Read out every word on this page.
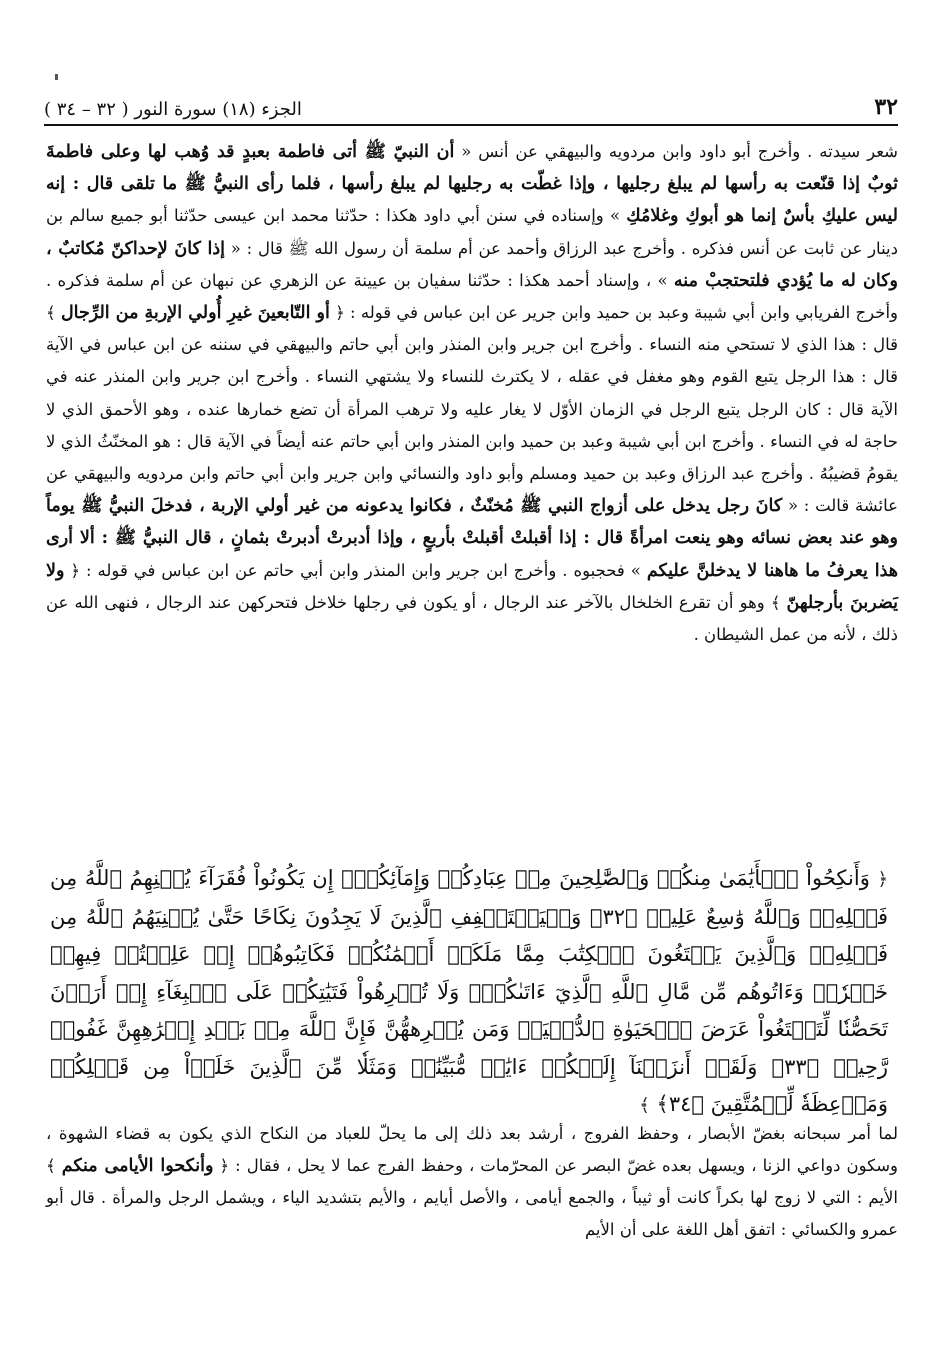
٣٢
الجزء (١٨) سورة النور ( ٣٢ – ٣٤ )
شعر سيدته . وأخرج أبو داود وابن مردويه والبيهقي عن أنس « أن النبيّ ﷺ أتى فاطمة بعبدٍ قد وُهب لها وعلى فاطمةَ ثوبٌ إذا قنّعت به رأسها لم يبلغ رجليها ، وإذا غطّت به رجليها لم يبلغ رأسها ، فلما رأى النبيُّ ﷺ ما تلقى قال : إنه ليس عليكِ بأسٌ إنما هو أبوكِ وغلامُكِ » وإسناده في سنن أبي داود هكذا : حدّثنا محمد ابن عيسى حدّثنا أبو جميع سالم بن دينار عن ثابت عن أنس فذكره . وأخرج عبد الرزاق وأحمد عن أم سلمة أن رسول الله ﷺ قال : « إذا كانَ لإحداكنّ مُكاتبٌ ، وكان له ما يُؤدي فلتحتجبْ منه » ، وإسناد أحمد هكذا : حدّثنا سفيان بن عيينة عن الزهري عن نبهان عن أم سلمة فذكره . وأخرج الفريابي وابن أبي شيبة وعبد بن حميد وابن جرير عن ابن عباس في قوله : ﴿ أو التّابعينَ غيرِ أُولي الإربةِ من الرِّجال ﴾ قال : هذا الذي لا تستحي منه النساء . وأخرج ابن جرير وابن المنذر وابن أبي حاتم والبيهقي في سننه عن ابن عباس في الآية قال : هذا الرجل يتبع القوم وهو مغفل في عقله ، لا يكترث للنساء ولا يشتهي النساء . وأخرج ابن جرير وابن المنذر عنه في الآية قال : كان الرجل يتبع الرجل في الزمان الأوّل لا يغار عليه ولا ترهب المرأة أن تضع خمارها عنده ، وهو الأحمق الذي لا حاجة له في النساء . وأخرج ابن أبي شيبة وعبد بن حميد وابن المنذر وابن أبي حاتم عنه أيضاً في الآية قال : هو المخنّثُ الذي لا يقومُ قضيبُهُ . وأخرج عبد الرزاق وعبد بن حميد ومسلم وأبو داود والنسائي وابن جرير وابن أبي حاتم وابن مردويه والبيهقي عن عائشة قالت : « كانَ رجل يدخل على أزواج النبي ﷺ مُخنّثٌ ، فكانوا يدعونه من غير أولي الإربة ، فدخلَ النبيُّ ﷺ يوماً وهو عند بعض نسائه وهو ينعت امرأةً قال : إذا أقبلتْ أقبلتْ بأربعٍ ، وإذا أدبرتْ أدبرتْ بثمانٍ ، قال النبيُّ ﷺ : ألا أرى هذا يعرفُ ما هاهنا لا يدخلنَّ عليكم » فحجبوه . وأخرج ابن جرير وابن المنذر وابن أبي حاتم عن ابن عباس في قوله : ﴿ ولا يَضربنَ بأرجلهنّ ﴾ وهو أن تقرع الخلخال بالآخر عند الرجال ، أو يكون في رجلها خلاخل فتحركهن عند الرجال ، فنهى الله عن ذلك ، لأنه من عمل الشيطان .
﴿ وَأَنكِحُواْ ٱلۡأَيَٰمَىٰ مِنكُمۡ وَٱلصَّٰلِحِينَ مِنۡ عِبَادِكُمۡ وَإِمَآئِكُمۡۚ إِن يَكُونُواْ فُقَرَآءَ يُغۡنِهِمُ ٱللَّهُ مِن فَضۡلِهِۦۗ وَٱللَّهُ وَٰسِعٌ عَلِيمٞ ﴿٣٢﴾ وَلۡيَسۡتَعۡفِفِ ٱلَّذِينَ لَا يَجِدُونَ نِكَاحًا حَتَّىٰ يُغۡنِيَهُمُ ٱللَّهُ مِن فَضۡلِهِۦۗ وَٱلَّذِينَ يَبۡتَغُونَ ٱلۡكِتَٰبَ مِمَّا مَلَكَتۡ أَيۡمَٰنُكُمۡ فَكَاتِبُوهُمۡ إِنۡ عَلِمۡتُمۡ فِيهِمۡ خَيۡرٗاۖ وَءَاتُوهُم مِّن مَّالِ ٱللَّهِ ٱلَّذِيٓ ءَاتَىٰكُمۡۚ وَلَا تُكۡرِهُواْ فَتَيَٰتِكُمۡ عَلَى ٱلۡبِغَآءِ إِنۡ أَرَدۡنَ تَحَصُّنٗا لِّتَبۡتَغُواْ عَرَضَ ٱلۡحَيَوٰةِ ٱلدُّنۡيَاۚ وَمَن يُكۡرِههُّنَّ فَإِنَّ ٱللَّهَ مِنۢ بَعۡدِ إِكۡرَٰهِهِنَّ غَفُورٞ رَّحِيمٞ ﴿٣٣﴾ وَلَقَدۡ أَنزَلۡنَآ إِلَيۡكُمۡ ءَايَٰتٖ مُّبَيِّنَٰتٖ وَمَثَلٗا مِّنَ ٱلَّذِينَ خَلَوۡاْ مِن قَبۡلِكُمۡ وَمَوۡعِظَةٗ لِّلۡمُتَّقِينَ ﴿٣٤﴾ ﴾
لما أمر سبحانه بغضّ الأبصار ، وحفظ الفروج ، أرشد بعد ذلك إلى ما يحلّ للعباد من النكاح الذي يكون به قضاء الشهوة ، وسكون دواعي الزنا ، ويسهل بعده غضّ البصر عن المحرّمات ، وحفظ الفرج عما لا يحل ، فقال : ﴿ وأنكحوا الأيامى منكم ﴾ الأيم : التي لا زوج لها بكراً كانت أو ثيباً ، والجمع أيامى ، والأصل أيايم ، والأيم بتشديد الياء ، ويشمل الرجل والمرأة . قال أبو عمرو والكسائي : اتفق أهل اللغة على أن الأيم
